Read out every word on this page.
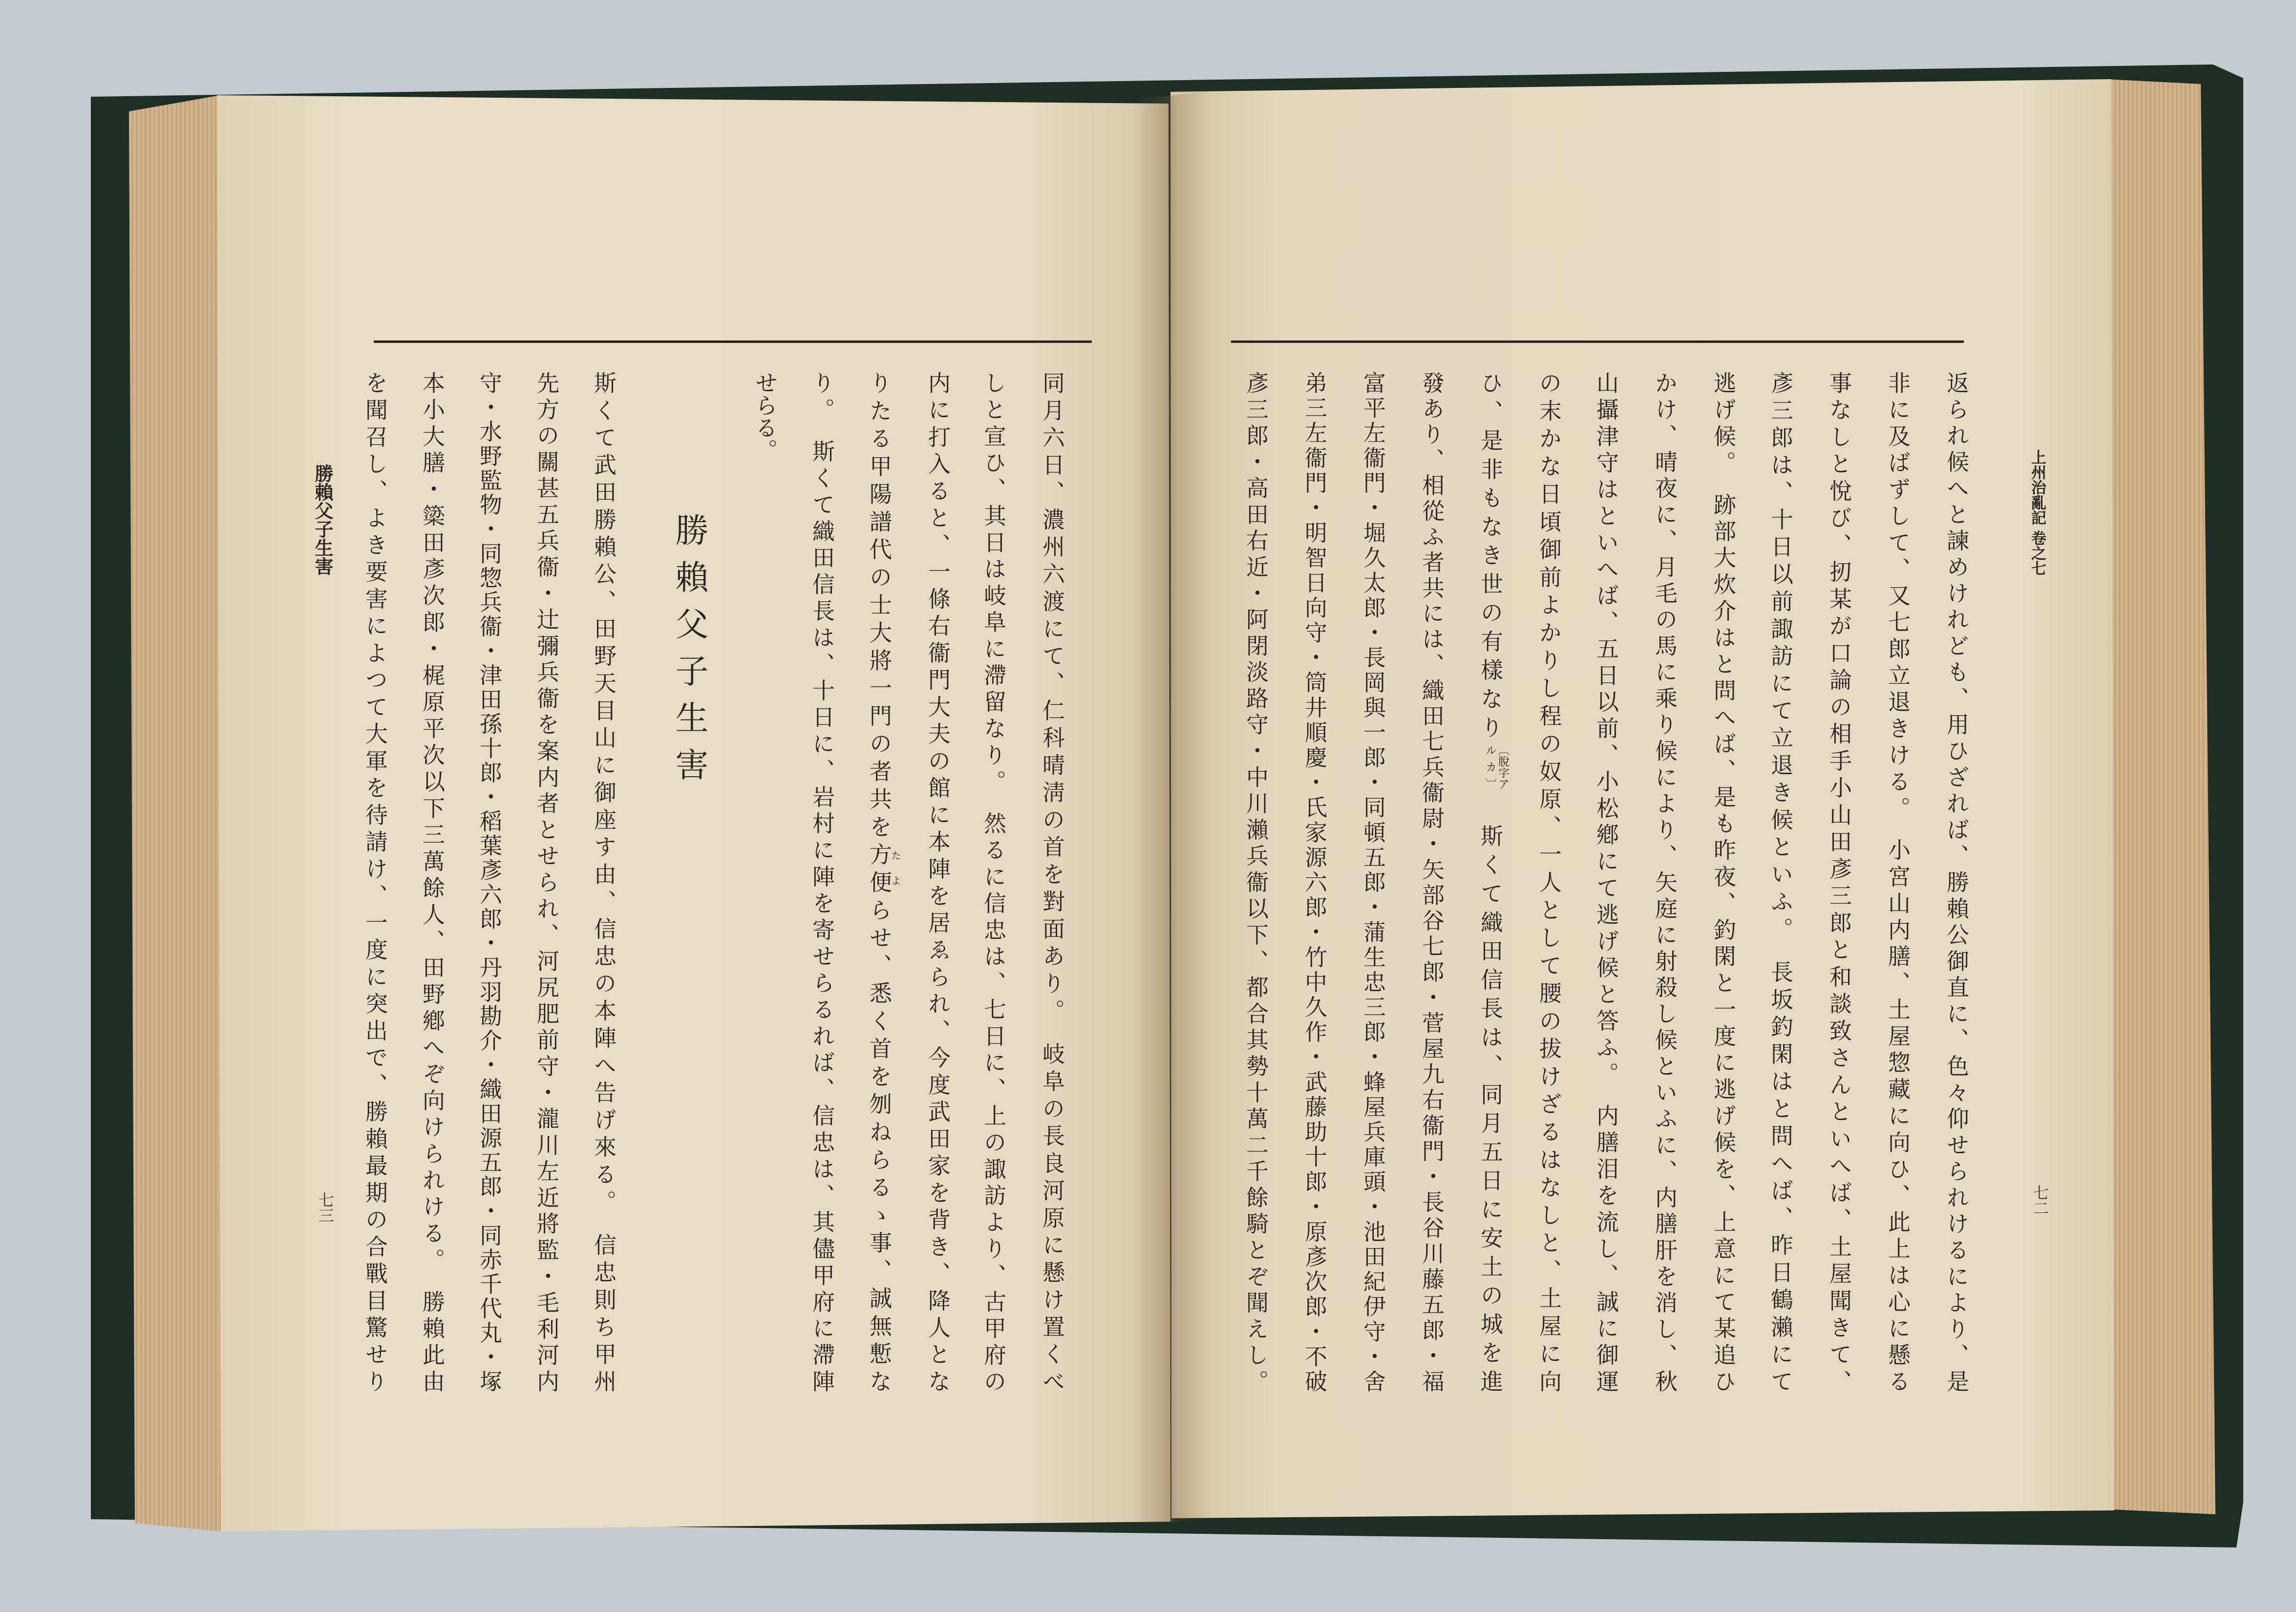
上州治亂記 卷之七
七二
返られ候へと諫めけれども、用ひざれば、勝賴公御直に、色々仰せられけるにより、是
非に及ばずして、又七郎立退きける。　小宮山内膳、土屋惣藏に向ひ、此上は心に懸る
事なしと悅び、扨某が口論の相手小山田彥三郎と和談致さんといへば、土屋聞きて、
彥三郎は、十日以前諏訪にて立退き候といふ。　長坂釣閑はと問へば、昨日鶴瀨にて
逃げ候。　跡部大炊介はと問へば、是も昨夜、釣閑と一度に逃げ候を、上意にて某追ひ
かけ、晴夜に、月毛の馬に乘り候により、矢庭に射殺し候といふに、内膳肝を消し、秋
山攝津守はといへば、五日以前、小松鄕にて逃げ候と答ふ。　内膳泪を流し、誠に御運
の末かな日頃御前よかりし程の奴原、一人として腰の拔けざるはなしと、土屋に向
ひ、是非もなき世の有樣なり
〔脫字ア
ルカ〕
　斯くて織田信長は、同月五日に安土の城を進
發あり、相從ふ者共には、織田七兵衞尉・矢部谷七郎・菅屋九右衞門・長谷川藤五郎・福
富平左衞門・堀久太郎・長岡與一郎・同頓五郎・蒲生忠三郎・蜂屋兵庫頭・池田紀伊守・舍
弟三左衞門・明智日向守・筒井順慶・氏家源六郎・竹中久作・武藤助十郎・原彥次郎・不破
彥三郎・高田右近・阿閉淡路守・中川瀨兵衞以下、都合其勢十萬二千餘騎とぞ聞えし。
同月六日、濃州六渡にて、仁科晴淸の首を對面あり。　岐阜の長良河原に懸け置くべ
しと宣ひ、其日は岐阜に滯留なり。　然るに信忠は、七日に、上の諏訪より、古甲府の
内に打入ると、一條右衞門大夫の館に本陣を居ゑられ、今度武田家を背き、降人とな
りたる甲陽譜代の士大將一門の者共を方便たよらせ、悉く首を刎ねらるゝ事、誠無慙な
り。　斯くて織田信長は、十日に、岩村に陣を寄せらるれば、信忠は、其儘甲府に滯陣
せらる。
勝賴父子生害
斯くて武田勝賴公、田野天目山に御座す由、信忠の本陣へ告げ來る。　信忠則ち甲州
先方の關甚五兵衞・辻彌兵衞を案内者とせられ、河尻肥前守・瀧川左近將監・毛利河内
守・水野監物・同惣兵衞・津田孫十郎・稻葉彥六郎・丹羽勘介・織田源五郎・同赤千代丸・塚
本小大膳・簗田彥次郎・梶原平次以下三萬餘人、田野鄕へぞ向けられける。　勝賴此由
を聞召し、よき要害によつて大軍を待請け、一度に突出で、勝賴最期の合戰目驚せり
勝賴父子生害
七三
